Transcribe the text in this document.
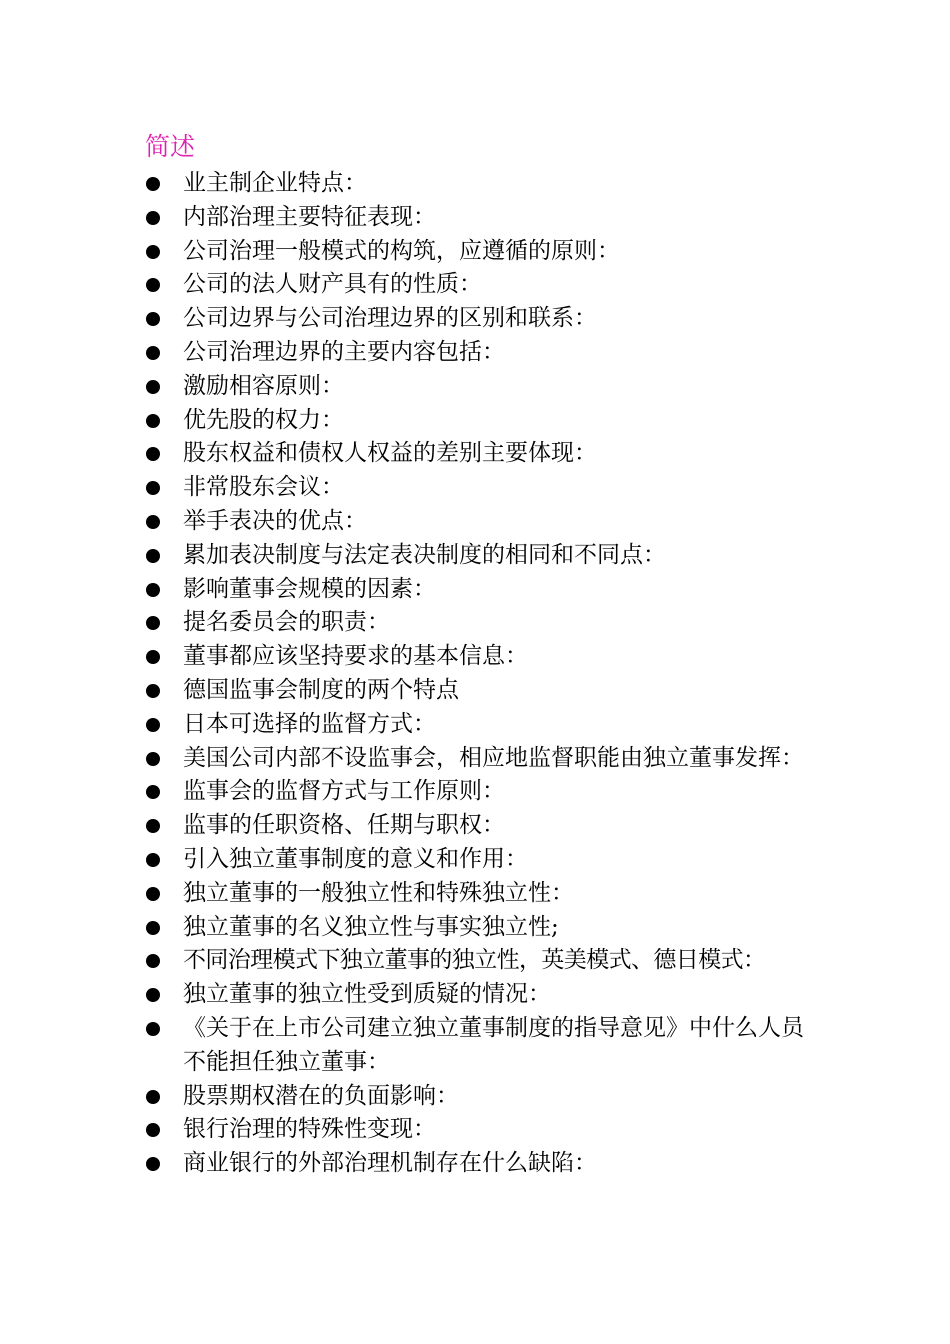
简述
业主制企业特点：
内部治理主要特征表现：
公司治理一般模式的构筑，应遵循的原则：
公司的法人财产具有的性质：
公司边界与公司治理边界的区别和联系：
公司治理边界的主要内容包括：
激励相容原则：
优先股的权力：
股东权益和债权人权益的差别主要体现：
非常股东会议：
举手表决的优点：
累加表决制度与法定表决制度的相同和不同点：
影响董事会规模的因素：
提名委员会的职责：
董事都应该坚持要求的基本信息：
德国监事会制度的两个特点
日本可选择的监督方式：
美国公司内部不设监事会，相应地监督职能由独立董事发挥：
监事会的监督方式与工作原则：
监事的任职资格、任期与职权：
引入独立董事制度的意义和作用：
独立董事的一般独立性和特殊独立性：
独立董事的名义独立性与事实独立性;
不同治理模式下独立董事的独立性，英美模式、德日模式：
独立董事的独立性受到质疑的情况：
《关于在上市公司建立独立董事制度的指导意见》中什么人员不能担任独立董事：
股票期权潜在的负面影响：
银行治理的特殊性变现：
商业银行的外部治理机制存在什么缺陷：
